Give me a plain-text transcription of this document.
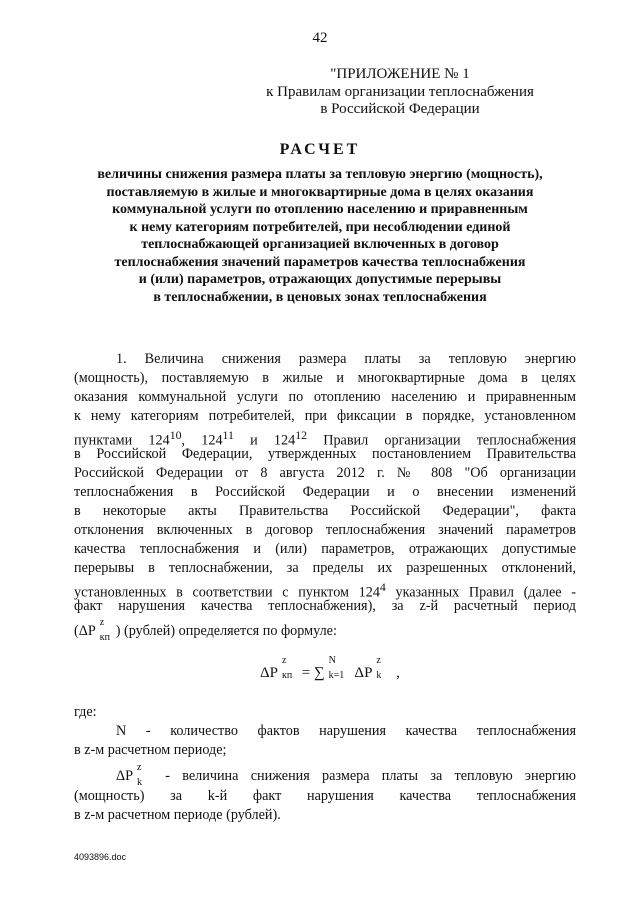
42
"ПРИЛОЖЕНИЕ № 1
к Правилам организации теплоснабжения
в Российской Федерации
РАСЧЕТ
величины снижения размера платы за тепловую энергию (мощность),
поставляемую в жилые и многоквартирные дома в целях оказания
коммунальной услуги по отоплению населению и приравненным
к нему категориям потребителей, при несоблюдении единой
теплоснабжающей организацией включенных в договор
теплоснабжения значений параметров качества теплоснабжения
и (или) параметров, отражающих допустимые перерывы
в теплоснабжении, в ценовых зонах теплоснабжения
1. Величина снижения размера платы за тепловую энергию
(мощность), поставляемую в жилые и многоквартирные дома в целях
оказания коммунальной услуги по отоплению населению и приравненным
к нему категориям потребителей, при фиксации в порядке, установленном
пунктами $124^{10}$, $124^{11}$ и $124^{12}$ Правил организации теплоснабжения
в Российской Федерации, утвержденных постановлением Правительства
Российской Федерации от 8 августа 2012 г. № 808 "Об организации
теплоснабжения в Российской Федерации и о внесении изменений
в некоторые акты Правительства Российской Федерации", факта
отклонения включенных в договор теплоснабжения значений параметров
качества теплоснабжения и (или) параметров, отражающих допустимые
перерывы в теплоснабжении, за пределы их разрешенных отклонений,
установленных в соответствии с пунктом $124^4$ указанных Правил (далее -
факт нарушения качества теплоснабжения), за z-й расчетный период
(ΔP
z
кп ) (рублей) определяется по формуле:
ΔP
z
кп = ∑
N
k=1 ΔP
z
k ,
где:
N - количество фактов нарушения качества теплоснабжения
в z-м расчетном периоде;
ΔP
z
k - величина снижения размера платы за тепловую энергию
(мощность) за k-й факт нарушения качества теплоснабжения
в z-м расчетном периоде (рублей).
4093896.doc
